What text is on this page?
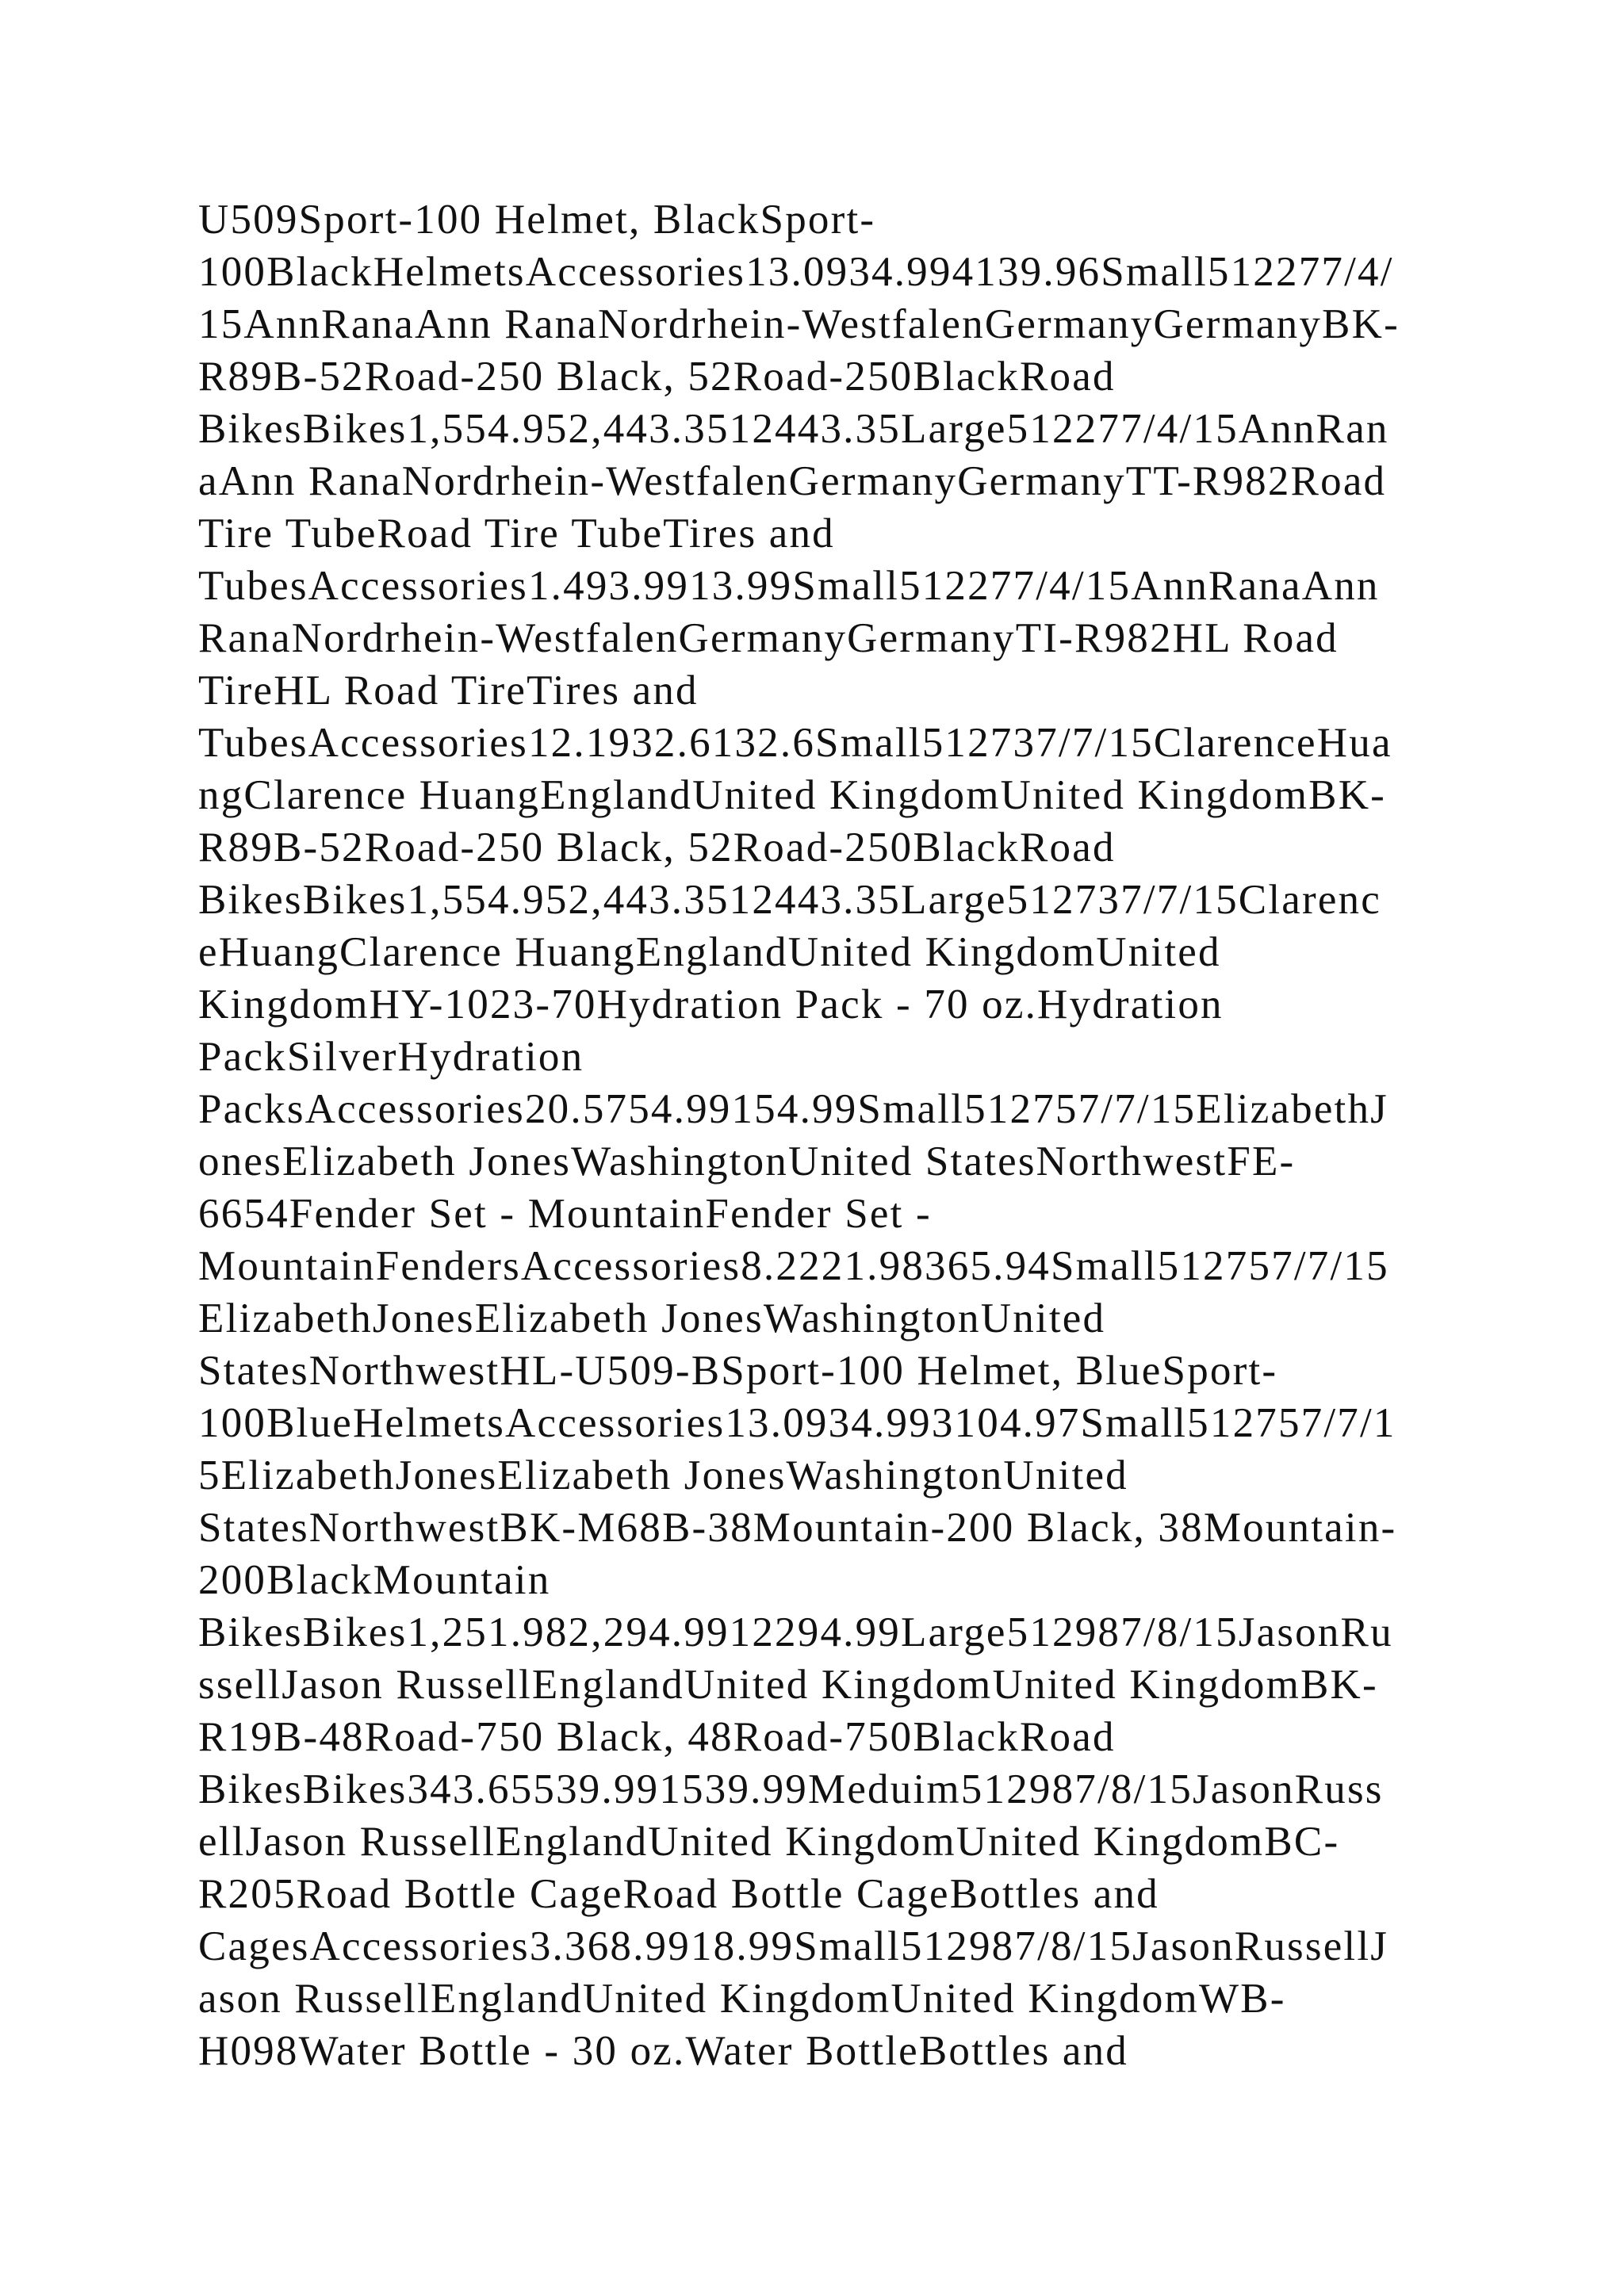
U509Sport-100 Helmet, BlackSport-
100BlackHelmetsAccessories13.0934.994139.96Small512277/4/
15AnnRanaAnn RanaNordrhein-WestfalenGermanyGermanyBK-
R89B-52Road-250 Black, 52Road-250BlackRoad
BikesBikes1,554.952,443.3512443.35Large512277/4/15AnnRan
aAnn RanaNordrhein-WestfalenGermanyGermanyTT-R982Road
Tire TubeRoad Tire TubeTires and
TubesAccessories1.493.9913.99Small512277/4/15AnnRanaAnn
RanaNordrhein-WestfalenGermanyGermanyTI-R982HL Road
TireHL Road TireTires and
TubesAccessories12.1932.6132.6Small512737/7/15ClarenceHua
ngClarence HuangEnglandUnited KingdomUnited KingdomBK-
R89B-52Road-250 Black, 52Road-250BlackRoad
BikesBikes1,554.952,443.3512443.35Large512737/7/15Clarenc
eHuangClarence HuangEnglandUnited KingdomUnited
KingdomHY-1023-70Hydration Pack - 70 oz.Hydration
PackSilverHydration
PacksAccessories20.5754.99154.99Small512757/7/15ElizabethJ
onesElizabeth JonesWashingtonUnited StatesNorthwestFE-
6654Fender Set - MountainFender Set -
MountainFendersAccessories8.2221.98365.94Small512757/7/15
ElizabethJonesElizabeth JonesWashingtonUnited
StatesNorthwestHL-U509-BSport-100 Helmet, BlueSport-
100BlueHelmetsAccessories13.0934.993104.97Small512757/7/1
5ElizabethJonesElizabeth JonesWashingtonUnited
StatesNorthwestBK-M68B-38Mountain-200 Black, 38Mountain-
200BlackMountain
BikesBikes1,251.982,294.9912294.99Large512987/8/15JasonRu
ssellJason RussellEnglandUnited KingdomUnited KingdomBK-
R19B-48Road-750 Black, 48Road-750BlackRoad
BikesBikes343.65539.991539.99Meduim512987/8/15JasonRuss
ellJason RussellEnglandUnited KingdomUnited KingdomBC-
R205Road Bottle CageRoad Bottle CageBottles and
CagesAccessories3.368.9918.99Small512987/8/15JasonRussellJ
ason RussellEnglandUnited KingdomUnited KingdomWB-
H098Water Bottle - 30 oz.Water BottleBottles and
